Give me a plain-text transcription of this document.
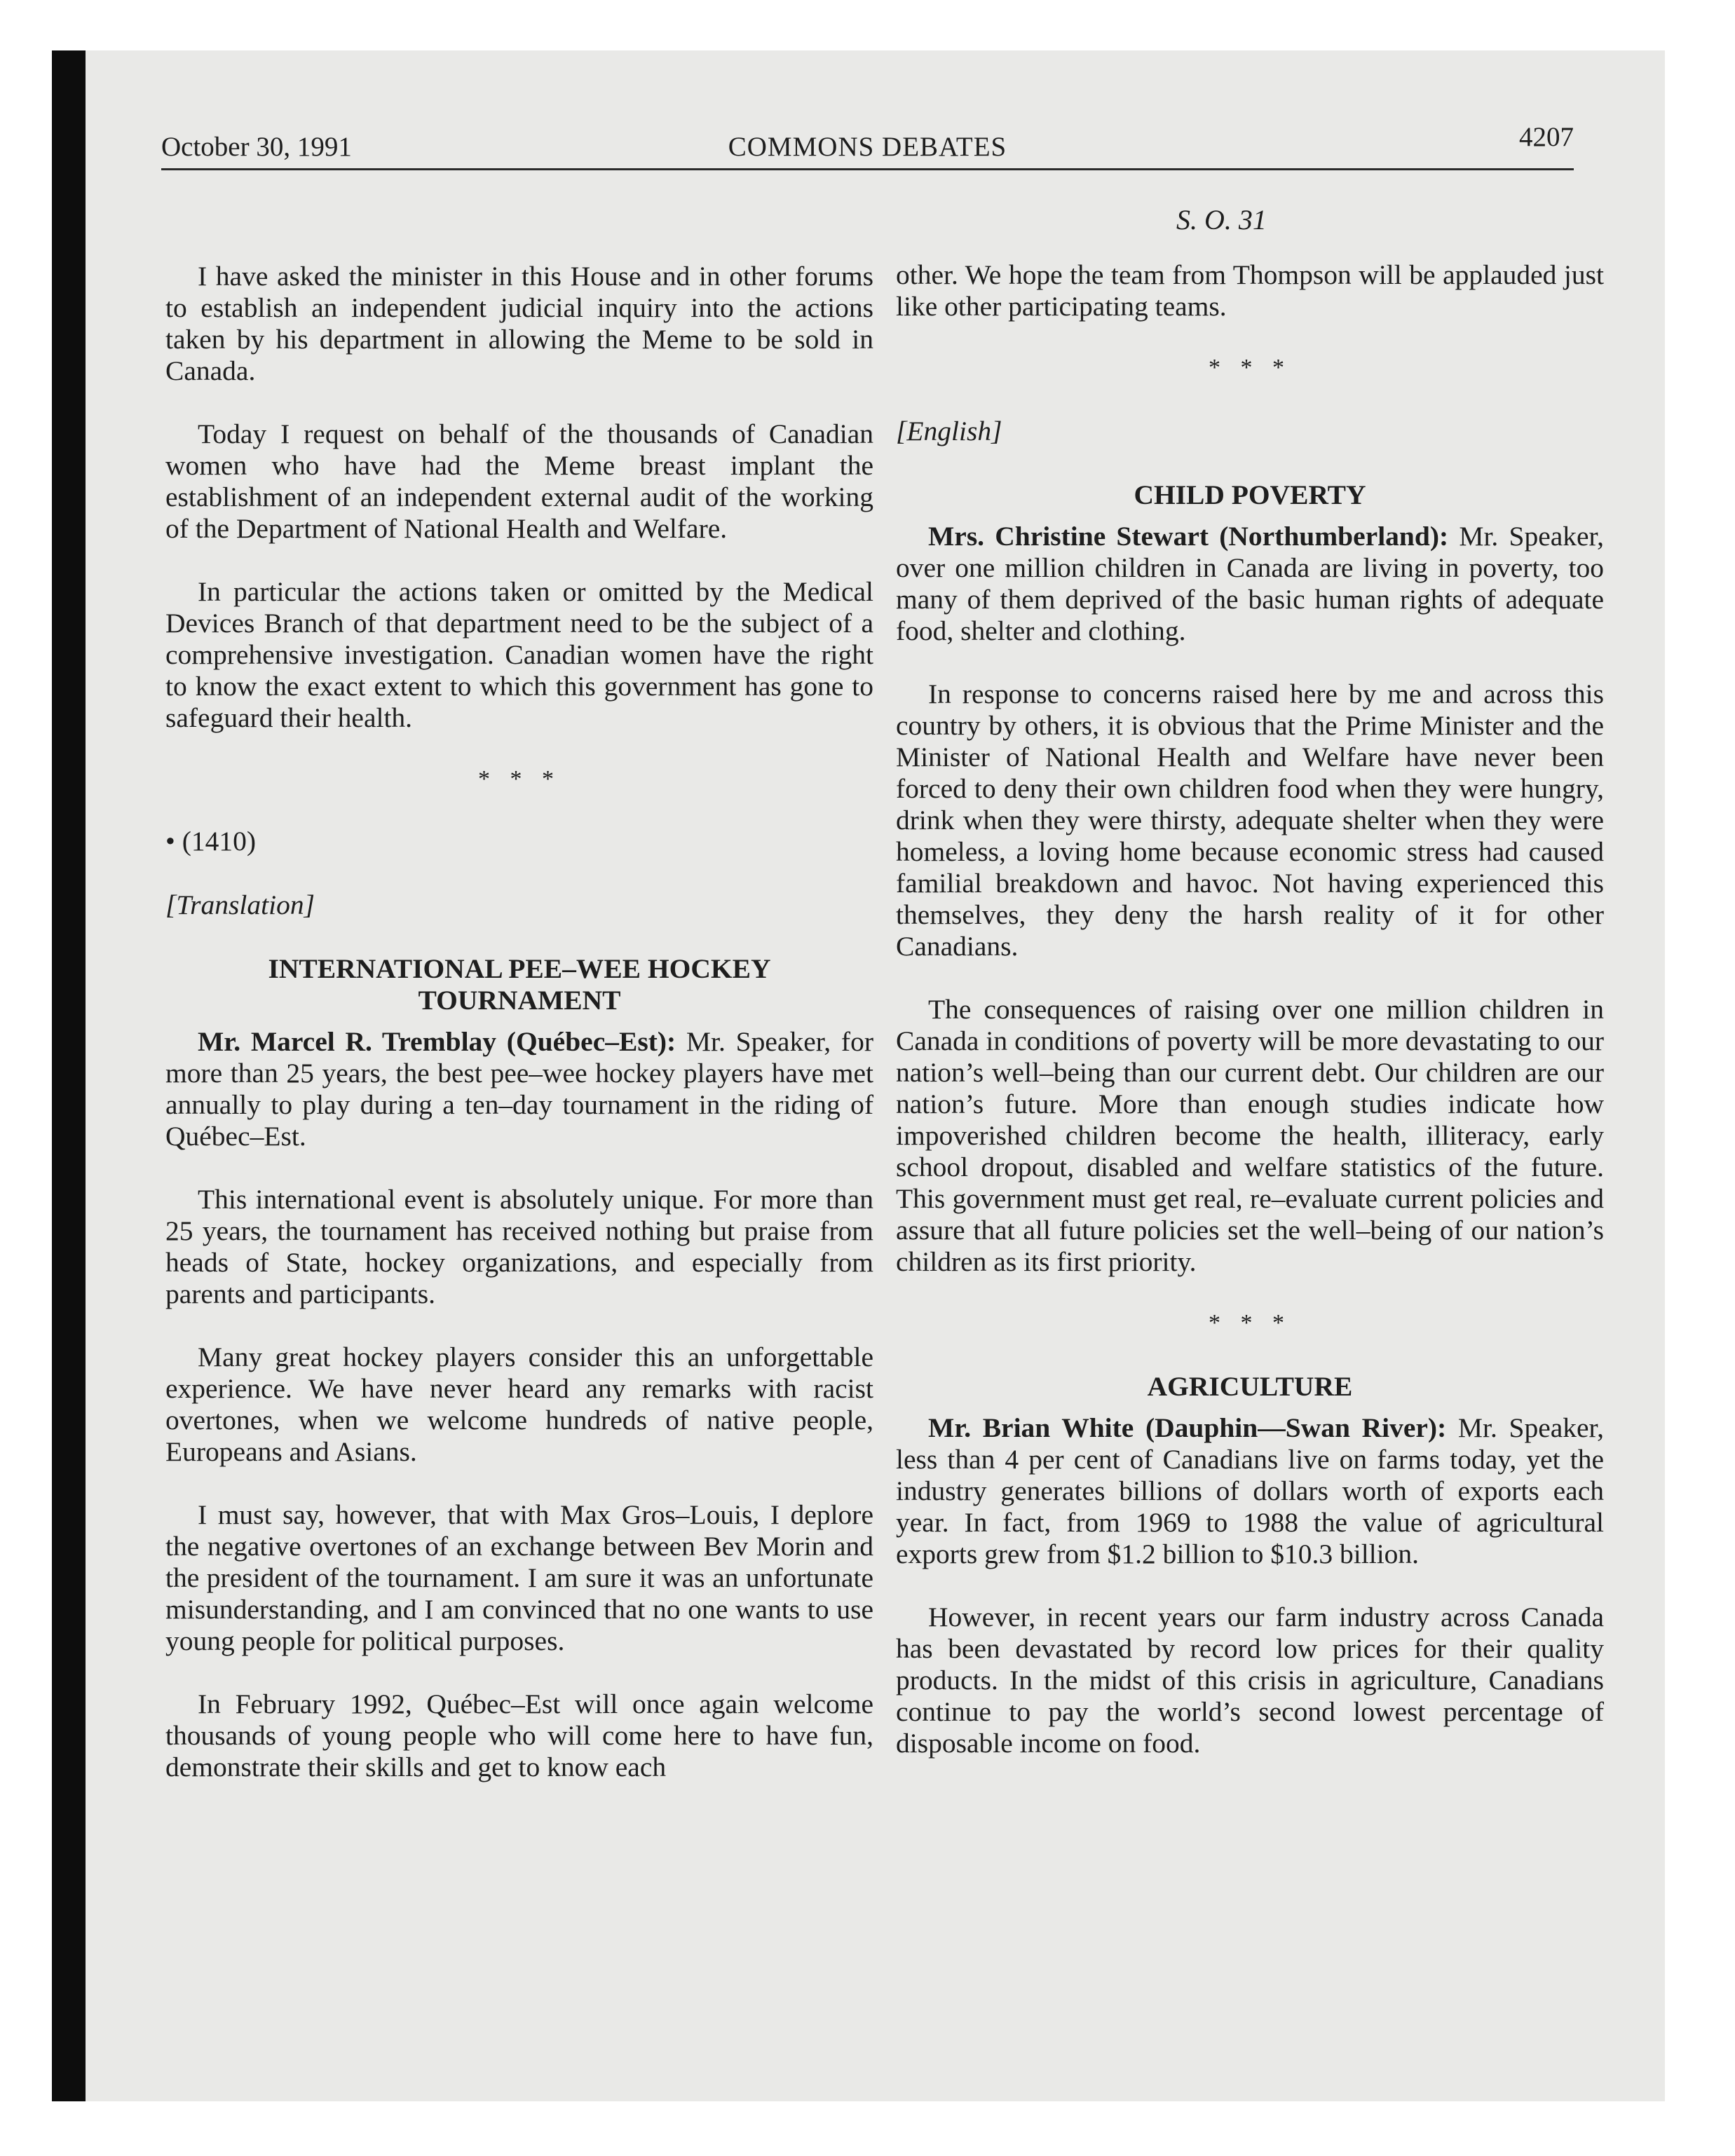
October 30, 1991	COMMONS DEBATES	4207
S. O. 31

I have asked the minister in this House and in other forums to establish an independent judicial inquiry into the actions taken by his department in allowing the Meme to be sold in Canada.

Today I request on behalf of the thousands of Canadian women who have had the Meme breast implant the establishment of an independent external audit of the working of the Department of National Health and Welfare.

In particular the actions taken or omitted by the Medical Devices Branch of that department need to be the subject of a comprehensive investigation. Canadian women have the right to know the exact extent to which this government has gone to safeguard their health.

* * *
• (1410)
[Translation]
INTERNATIONAL PEE–WEE HOCKEY TOURNAMENT

Mr. Marcel R. Tremblay (Québec–Est): Mr. Speaker, for more than 25 years, the best pee–wee hockey players have met annually to play during a ten–day tournament in the riding of Québec–Est.

This international event is absolutely unique. For more than 25 years, the tournament has received nothing but praise from heads of State, hockey organizations, and especially from parents and participants.

Many great hockey players consider this an unforgettable experience. We have never heard any remarks with racist overtones, when we welcome hundreds of native people, Europeans and Asians.

I must say, however, that with Max Gros–Louis, I deplore the negative overtones of an exchange between Bev Morin and the president of the tournament. I am sure it was an unfortunate misunderstanding, and I am convinced that no one wants to use young people for political purposes.

In February 1992, Québec–Est will once again welcome thousands of young people who will come here to have fun, demonstrate their skills and get to know each

other. We hope the team from Thompson will be applauded just like other participating teams.

* * *
[English]
CHILD POVERTY

Mrs. Christine Stewart (Northumberland): Mr. Speaker, over one million children in Canada are living in poverty, too many of them deprived of the basic human rights of adequate food, shelter and clothing.

In response to concerns raised here by me and across this country by others, it is obvious that the Prime Minister and the Minister of National Health and Welfare have never been forced to deny their own children food when they were hungry, drink when they were thirsty, adequate shelter when they were homeless, a loving home because economic stress had caused familial breakdown and havoc. Not having experienced this themselves, they deny the harsh reality of it for other Canadians.

The consequences of raising over one million children in Canada in conditions of poverty will be more devastating to our nation’s well–being than our current debt. Our children are our nation’s future. More than enough studies indicate how impoverished children become the health, illiteracy, early school dropout, disabled and welfare statistics of the future. This government must get real, re–evaluate current policies and assure that all future policies set the well–being of our nation’s children as its first priority.

* * *
AGRICULTURE

Mr. Brian White (Dauphin—Swan River): Mr. Speaker, less than 4 per cent of Canadians live on farms today, yet the industry generates billions of dollars worth of exports each year. In fact, from 1969 to 1988 the value of agricultural exports grew from $1.2 billion to $10.3 billion.

However, in recent years our farm industry across Canada has been devastated by record low prices for their quality products. In the midst of this crisis in agriculture, Canadians continue to pay the world’s second lowest percentage of disposable income on food.
